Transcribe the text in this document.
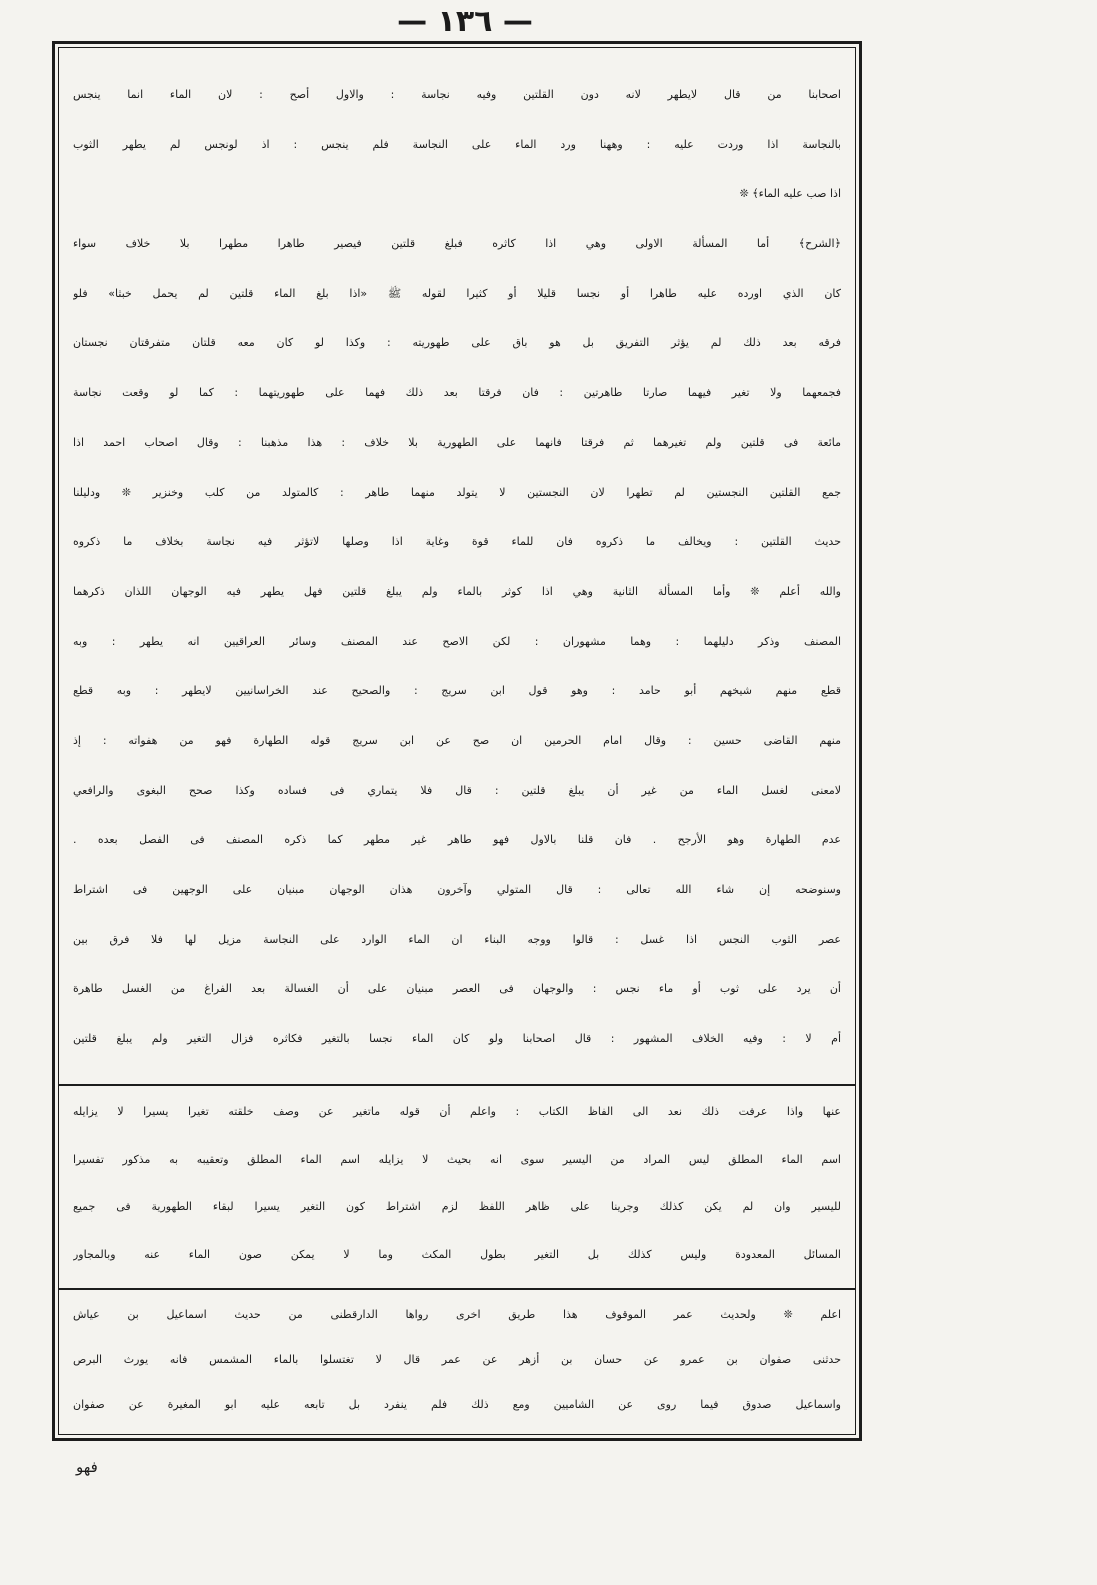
— ١٣٦ —
اصحابنا من قال لايطهر لانه دون القلتين وفيه نجاسة : والاول أصح : لان الماء انما ينجس
بالنجاسة اذا وردت عليه : وههنا ورد الماء على النجاسة فلم ينجس : اذ لونجس لم يطهر الثوب
اذا صب عليه الماء﴾ ❊
﴿الشرح﴾ أما المسألة الاولى وهي اذا كاثره فبلغ قلتين فيصير طاهرا مطهرا بلا خلاف سواء
كان الذي اورده عليه طاهرا أو نجسا قليلا أو كثيرا لقوله ﷺ «اذا بلغ الماء قلتين لم يحمل خبثا» فلو
فرقه بعد ذلك لم يؤثر التفريق بل هو باق على طهوريته : وكذا لو كان معه قلتان متفرقتان نجستان
فجمعهما ولا تغير فيهما صارتا طاهرتين : فان فرقتا بعد ذلك فهما على طهوريتهما : كما لو وقعت نجاسة
مائعة فى قلتين ولم تغيرهما ثم فرقتا فانهما على الطهورية بلا خلاف : هذا مذهبنا : وقال اصحاب احمد اذا
جمع القلتين النجستين لم تطهرا لان النجستين لا يتولد منهما طاهر : كالمتولد من كلب وخنزير ❊ ودليلنا
حديث القلتين : ويخالف ما ذكروه فان للماء قوة وغاية اذا وصلها لاتؤثر فيه نجاسة بخلاف ما ذكروه
والله أعلم ❊ وأما المسألة الثانية وهي اذا كوثر بالماء ولم يبلغ قلتين فهل يطهر فيه الوجهان اللذان ذكرهما
المصنف وذكر دليلهما : وهما مشهوران : لكن الاصح عند المصنف وسائر العراقيين انه يطهر : وبه
قطع منهم شيخهم أبو حامد : وهو قول ابن سريج : والصحيح عند الخراسانيين لايطهر : وبه قطع
منهم القاضى حسين : وقال امام الحرمين ان صح عن ابن سريج قوله الطهارة فهو من هفواته : إذ
لامعنى لغسل الماء من غير أن يبلغ قلتين : قال فلا يتماري فى فساده وكذا صحح البغوى والرافعي
عدم الطهارة وهو الأرجح . فان قلنا بالاول فهو طاهر غير مطهر كما ذكره المصنف فى الفصل بعده .
وسنوضحه إن شاء الله تعالى : قال المتولي وآخرون هذان الوجهان مبنيان على الوجهين فى اشتراط
عصر الثوب النجس اذا غسل : قالوا ووجه البناء ان الماء الوارد على النجاسة مزيل لها فلا فرق بين
أن يرد على ثوب أو ماء نجس : والوجهان فى العصر مبنيان على أن الغسالة بعد الفراغ من الغسل طاهرة
أم لا : وفيه الخلاف المشهور : قال اصحابنا ولو كان الماء نجسا بالتغير فكاثره فزال التغير ولم يبلغ قلتين
عنها واذا عرفت ذلك نعد الى الفاظ الكتاب : واعلم أن قوله ماتغير عن وصف خلقته تغيرا يسيرا لا يزايله
اسم الماء المطلق ليس المراد من اليسير سوى انه بحيث لا يزايله اسم الماء المطلق وتعقيبه به مذكور تفسيرا
لليسير وان لم يكن كذلك وجرينا على ظاهر اللفظ لزم اشتراط كون التغير يسيرا لبقاء الطهورية فى جميع
المسائل المعدودة وليس كذلك بل التغير بطول المكث وما لا يمكن صون الماء عنه وبالمجاور
اعلم ❊ ولحديث عمر الموقوف هذا طريق اخرى رواها الدارقطنى من حديث اسماعيل بن عياش
حدثنى صفوان بن عمرو عن حسان بن أزهر عن عمر قال لا تغتسلوا بالماء المشمس فانه يورث البرص
واسماعيل صدوق فيما روى عن الشاميين ومع ذلك فلم ينفرد بل تابعه عليه ابو المغيرة عن صفوان
فهو
